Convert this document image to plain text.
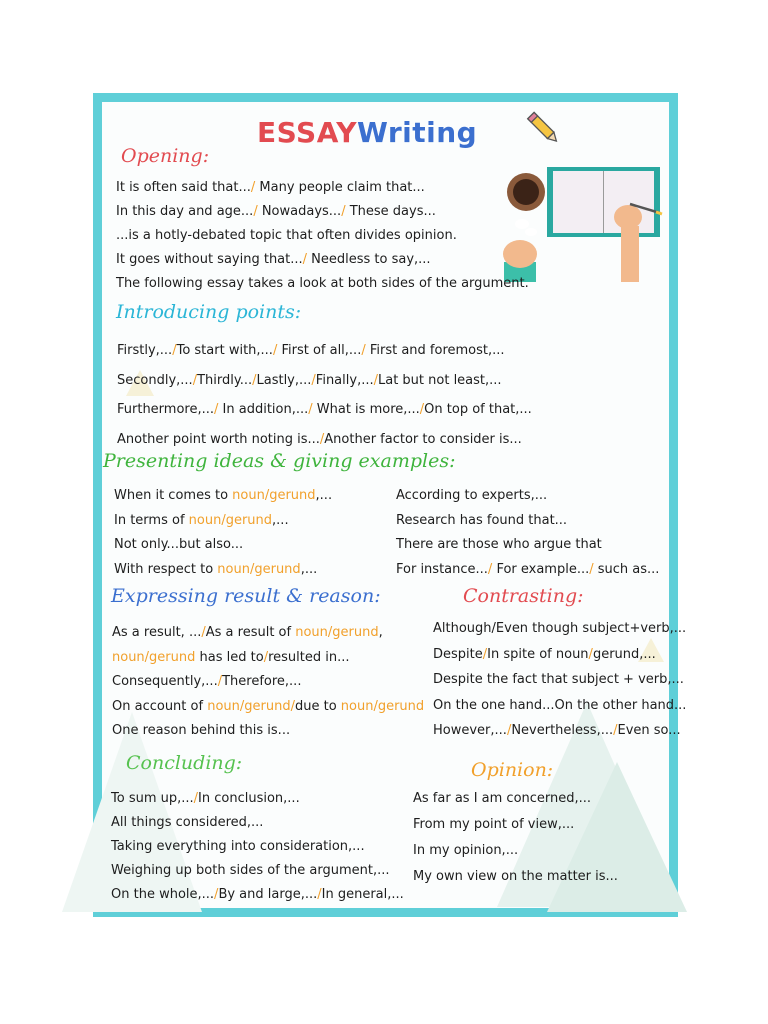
ESSAYWriting
Opening:
Introducing points:
Presenting ideas & giving examples:
Expressing result & reason:	Contrasting:
Concluding:	Opinion:
It is often said that.../ Many people claim that...
In this day and age.../ Nowadays.../ These days...
...is a hotly-debated topic that often divides opinion.
It goes without saying that.../ Needless to say,...
The following essay takes a look at both sides of the argument.
Firstly,.../To start with,.../ First of all,.../ First and foremost,...
Secondly,.../Thirdly.../Lastly,.../Finally,.../Lat but not least,...
Furthermore,.../ In addition,.../ What is more,.../On top of that,...
Another point worth noting is.../Another factor to consider is...
When it comes to noun/gerund,...
In terms of noun/gerund,...
Not only...but also...
With respect to noun/gerund,...
According to experts,...
Research has found that...
There are those who argue that
For instance.../ For example.../ such as...
As a result, .../As a result of noun/gerund,
noun/gerund has led to/resulted in...
Consequently,.../Therefore,...
On account of noun/gerund/due to noun/gerund
One reason behind this is...
Although/Even though subject+verb,...
Despite/In spite of noun/gerund,...
Despite the fact that subject + verb,...
On the one hand...On the other hand...
However,.../Nevertheless,.../Even so...
To sum up,.../In conclusion,...
All things considered,...
Taking everything into consideration,...
Weighing up both sides of the argument,...
On the whole,.../By and large,.../In general,...
As far as I am concerned,...
From my point of view,...
In my opinion,...
My own view on the matter is...
